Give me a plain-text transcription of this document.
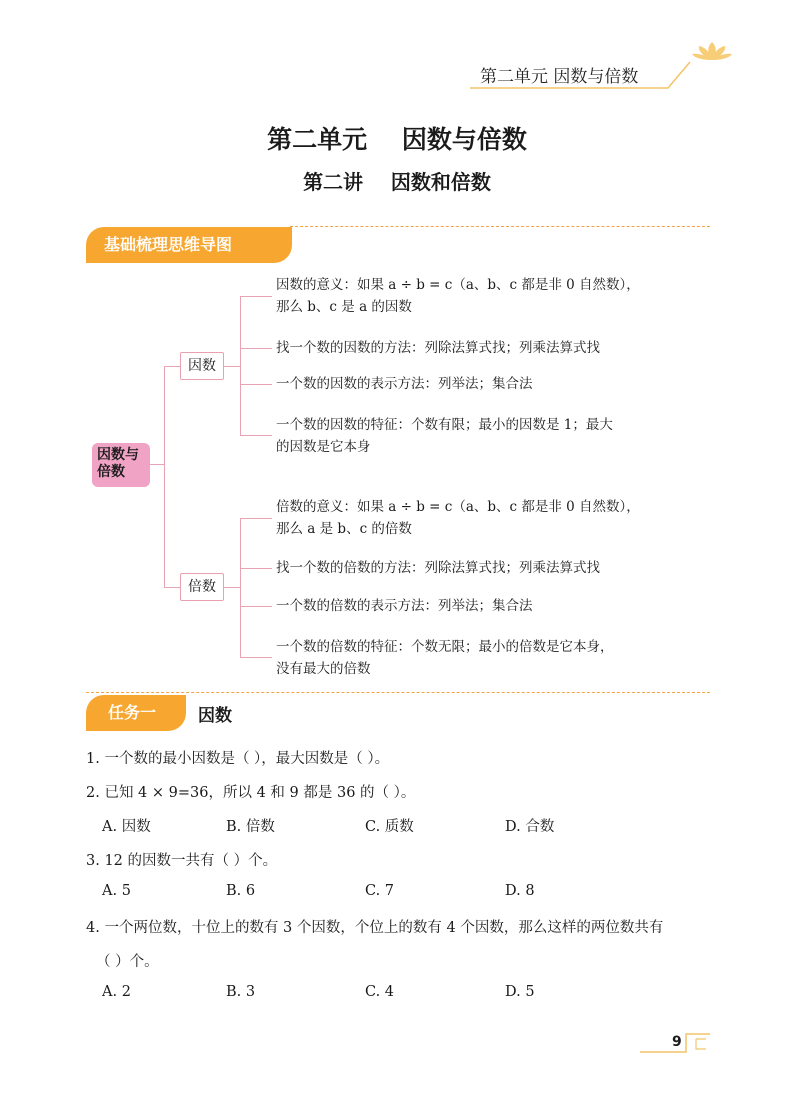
第二单元 因数与倍数
第二单元    因数与倍数
第二讲    因数和倍数
基础梳理思维导图
因数与倍数
因数
倍数
因数的意义：如果 a ÷ b = c（a、b、c 都是非 0 自然数），
那么 b、c 是 a 的因数
找一个数的因数的方法：列除法算式找；列乘法算式找
一个数的因数的表示方法：列举法；集合法
一个数的因数的特征：个数有限；最小的因数是 1；最大
的因数是它本身
倍数的意义：如果 a ÷ b = c（a、b、c 都是非 0 自然数），
那么 a 是 b、c 的倍数
找一个数的倍数的方法：列除法算式找；列乘法算式找
一个数的倍数的表示方法：列举法；集合法
一个数的倍数的特征：个数无限；最小的倍数是它本身，
没有最大的倍数
任务一	因数
1. 一个数的最小因数是（ ），最大因数是（ ）。
2. 已知 4 × 9=36，所以 4 和 9 都是 36 的（ ）。
A. 因数	B. 倍数	C. 质数	D. 合数
3. 12 的因数一共有（ ）个。
A. 5	B. 6	C. 7	D. 8
4. 一个两位数，十位上的数有 3 个因数，个位上的数有 4 个因数，那么这样的两位数共有
（ ）个。
A. 2	B. 3	C. 4	D. 5
9
